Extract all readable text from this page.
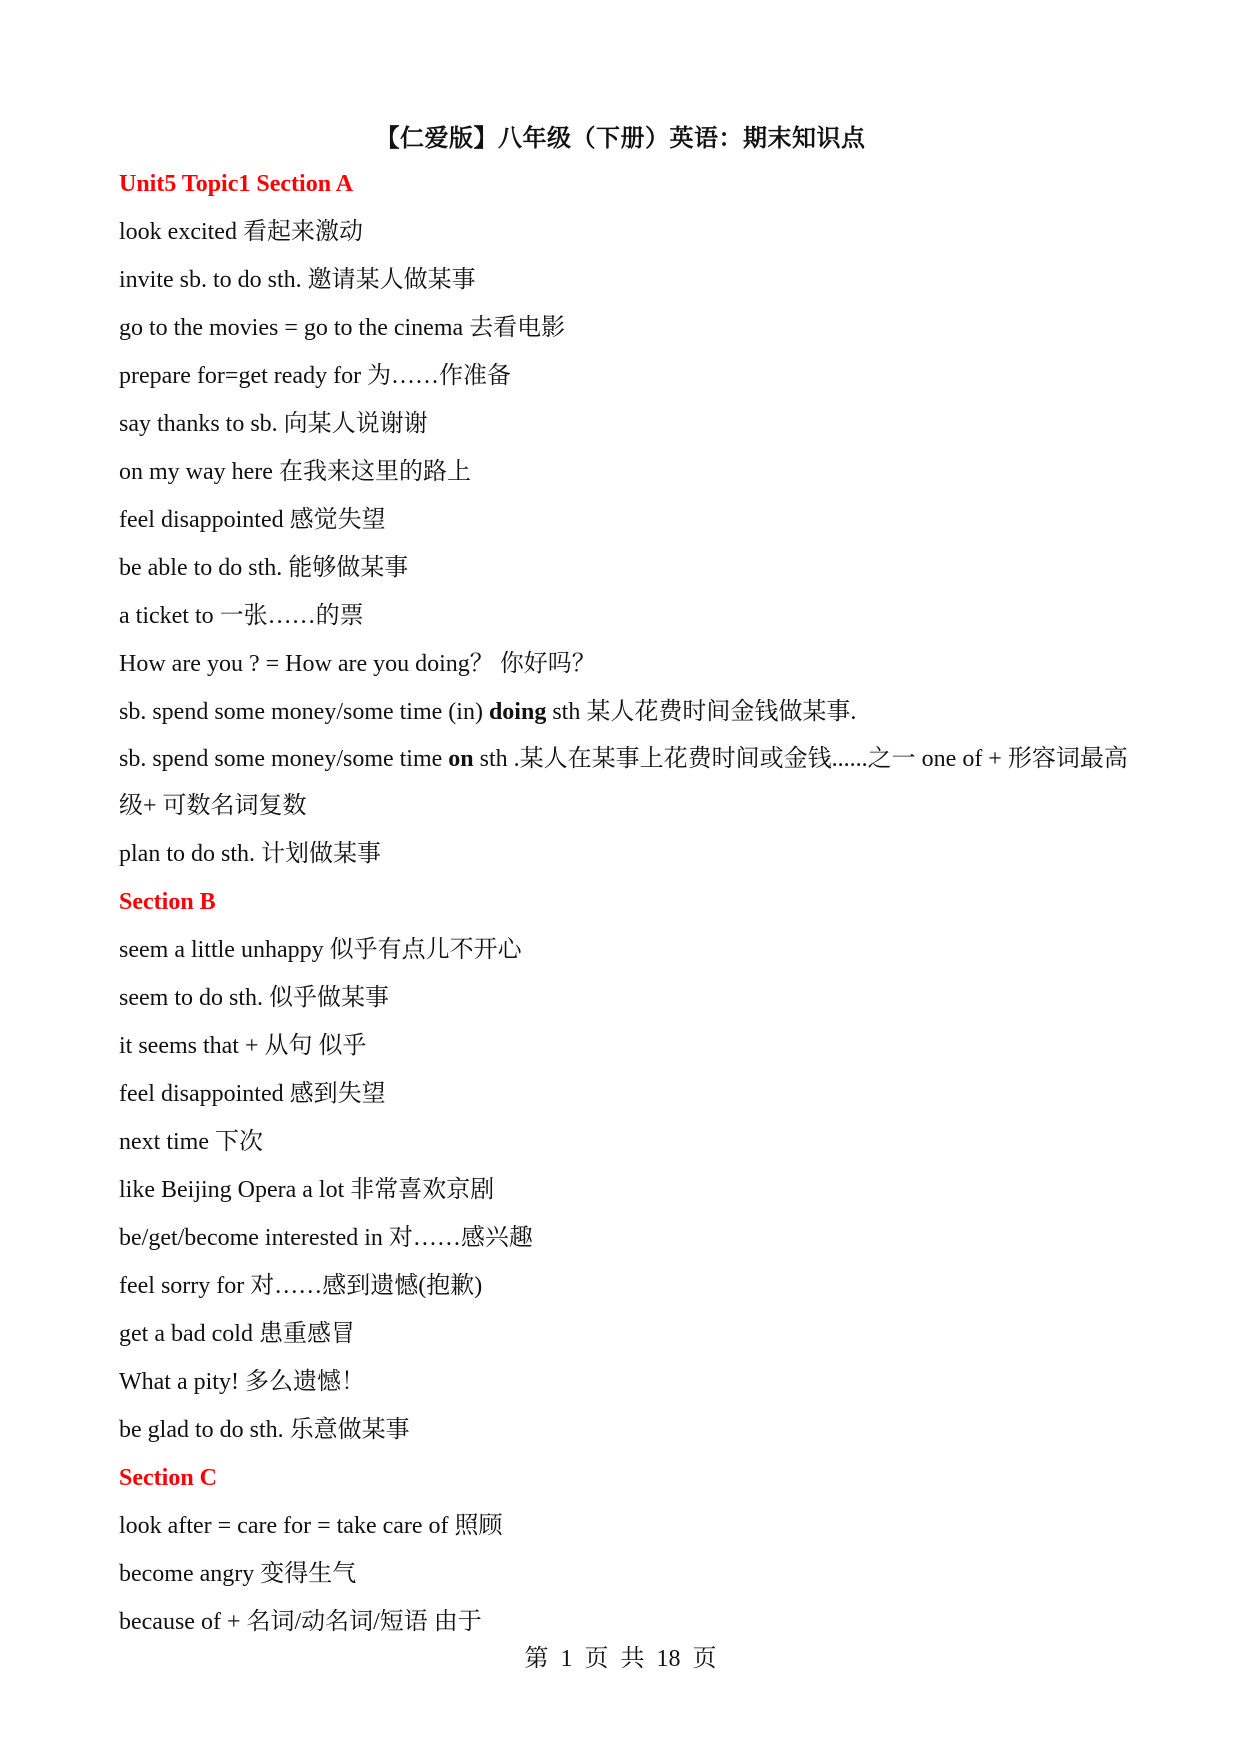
【仁爱版】八年级（下册）英语：期末知识点
Unit5 Topic1 Section A
look excited 看起来激动
invite sb. to do sth. 邀请某人做某事
go to the movies = go to the cinema 去看电影
prepare for=get ready for 为……作准备
say thanks to sb. 向某人说谢谢
on my way here 在我来这里的路上
feel disappointed 感觉失望
be able to do sth. 能够做某事
a ticket to 一张……的票
How are you ? = How are you doing？ 你好吗？
sb. spend some money/some time (in) doing sth 某人花费时间金钱做某事.
sb. spend some money/some time on sth .某人在某事上花费时间或金钱......之一 one of + 形容词最高级+ 可数名词复数
plan to do sth. 计划做某事
Section B
seem a little unhappy 似乎有点儿不开心
seem to do sth. 似乎做某事
it seems that + 从句 似乎
feel disappointed 感到失望
next time 下次
like Beijing Opera a lot 非常喜欢京剧
be/get/become interested in 对……感兴趣
feel sorry for 对……感到遗憾(抱歉)
get a bad cold 患重感冒
What a pity! 多么遗憾！
be glad to do sth. 乐意做某事
Section C
look after = care for = take care of 照顾
become angry 变得生气
because of + 名词/动名词/短语 由于
第 1 页 共 18 页
